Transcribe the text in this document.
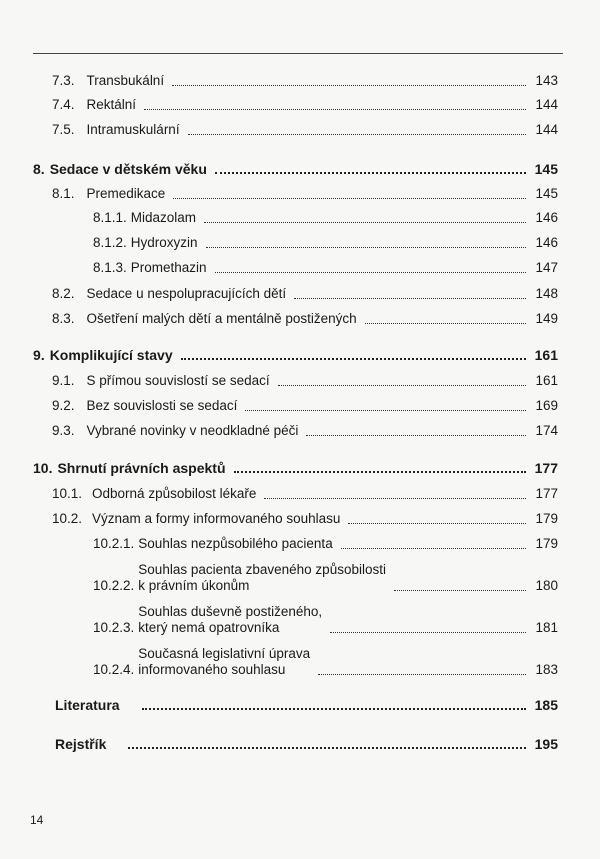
7.3. Transbukální	143
7.4. Rektální	144
7.5. Intramuskulární	144
8. Sedace v dětském věku	145
8.1. Premedikace	145
8.1.1. Midazolam	146
8.1.2. Hydroxyzin	146
8.1.3. Promethazin	147
8.2. Sedace u nespolupracujících dětí	148
8.3. Ošetření malých dětí a mentálně postižených	149
9. Komplikující stavy	161
9.1. S přímou souvislostí se sedací	161
9.2. Bez souvislosti se sedací	169
9.3. Vybrané novinky v neodkladné péči	174
10. Shrnutí právních aspektů	177
10.1. Odborná způsobilost lékaře	177
10.2. Význam a formy informovaného souhlasu	179
10.2.1. Souhlas nezpůsobilého pacienta	179
10.2.2.
Souhlas pacienta zbaveného způsobilosti
k právním úkonům	180
10.2.3.
Souhlas duševně postiženého,
který nemá opatrovníka	181
10.2.4.
Současná legislativní úprava
informovaného souhlasu	183
Literatura	185
Rejstřík	195
14
